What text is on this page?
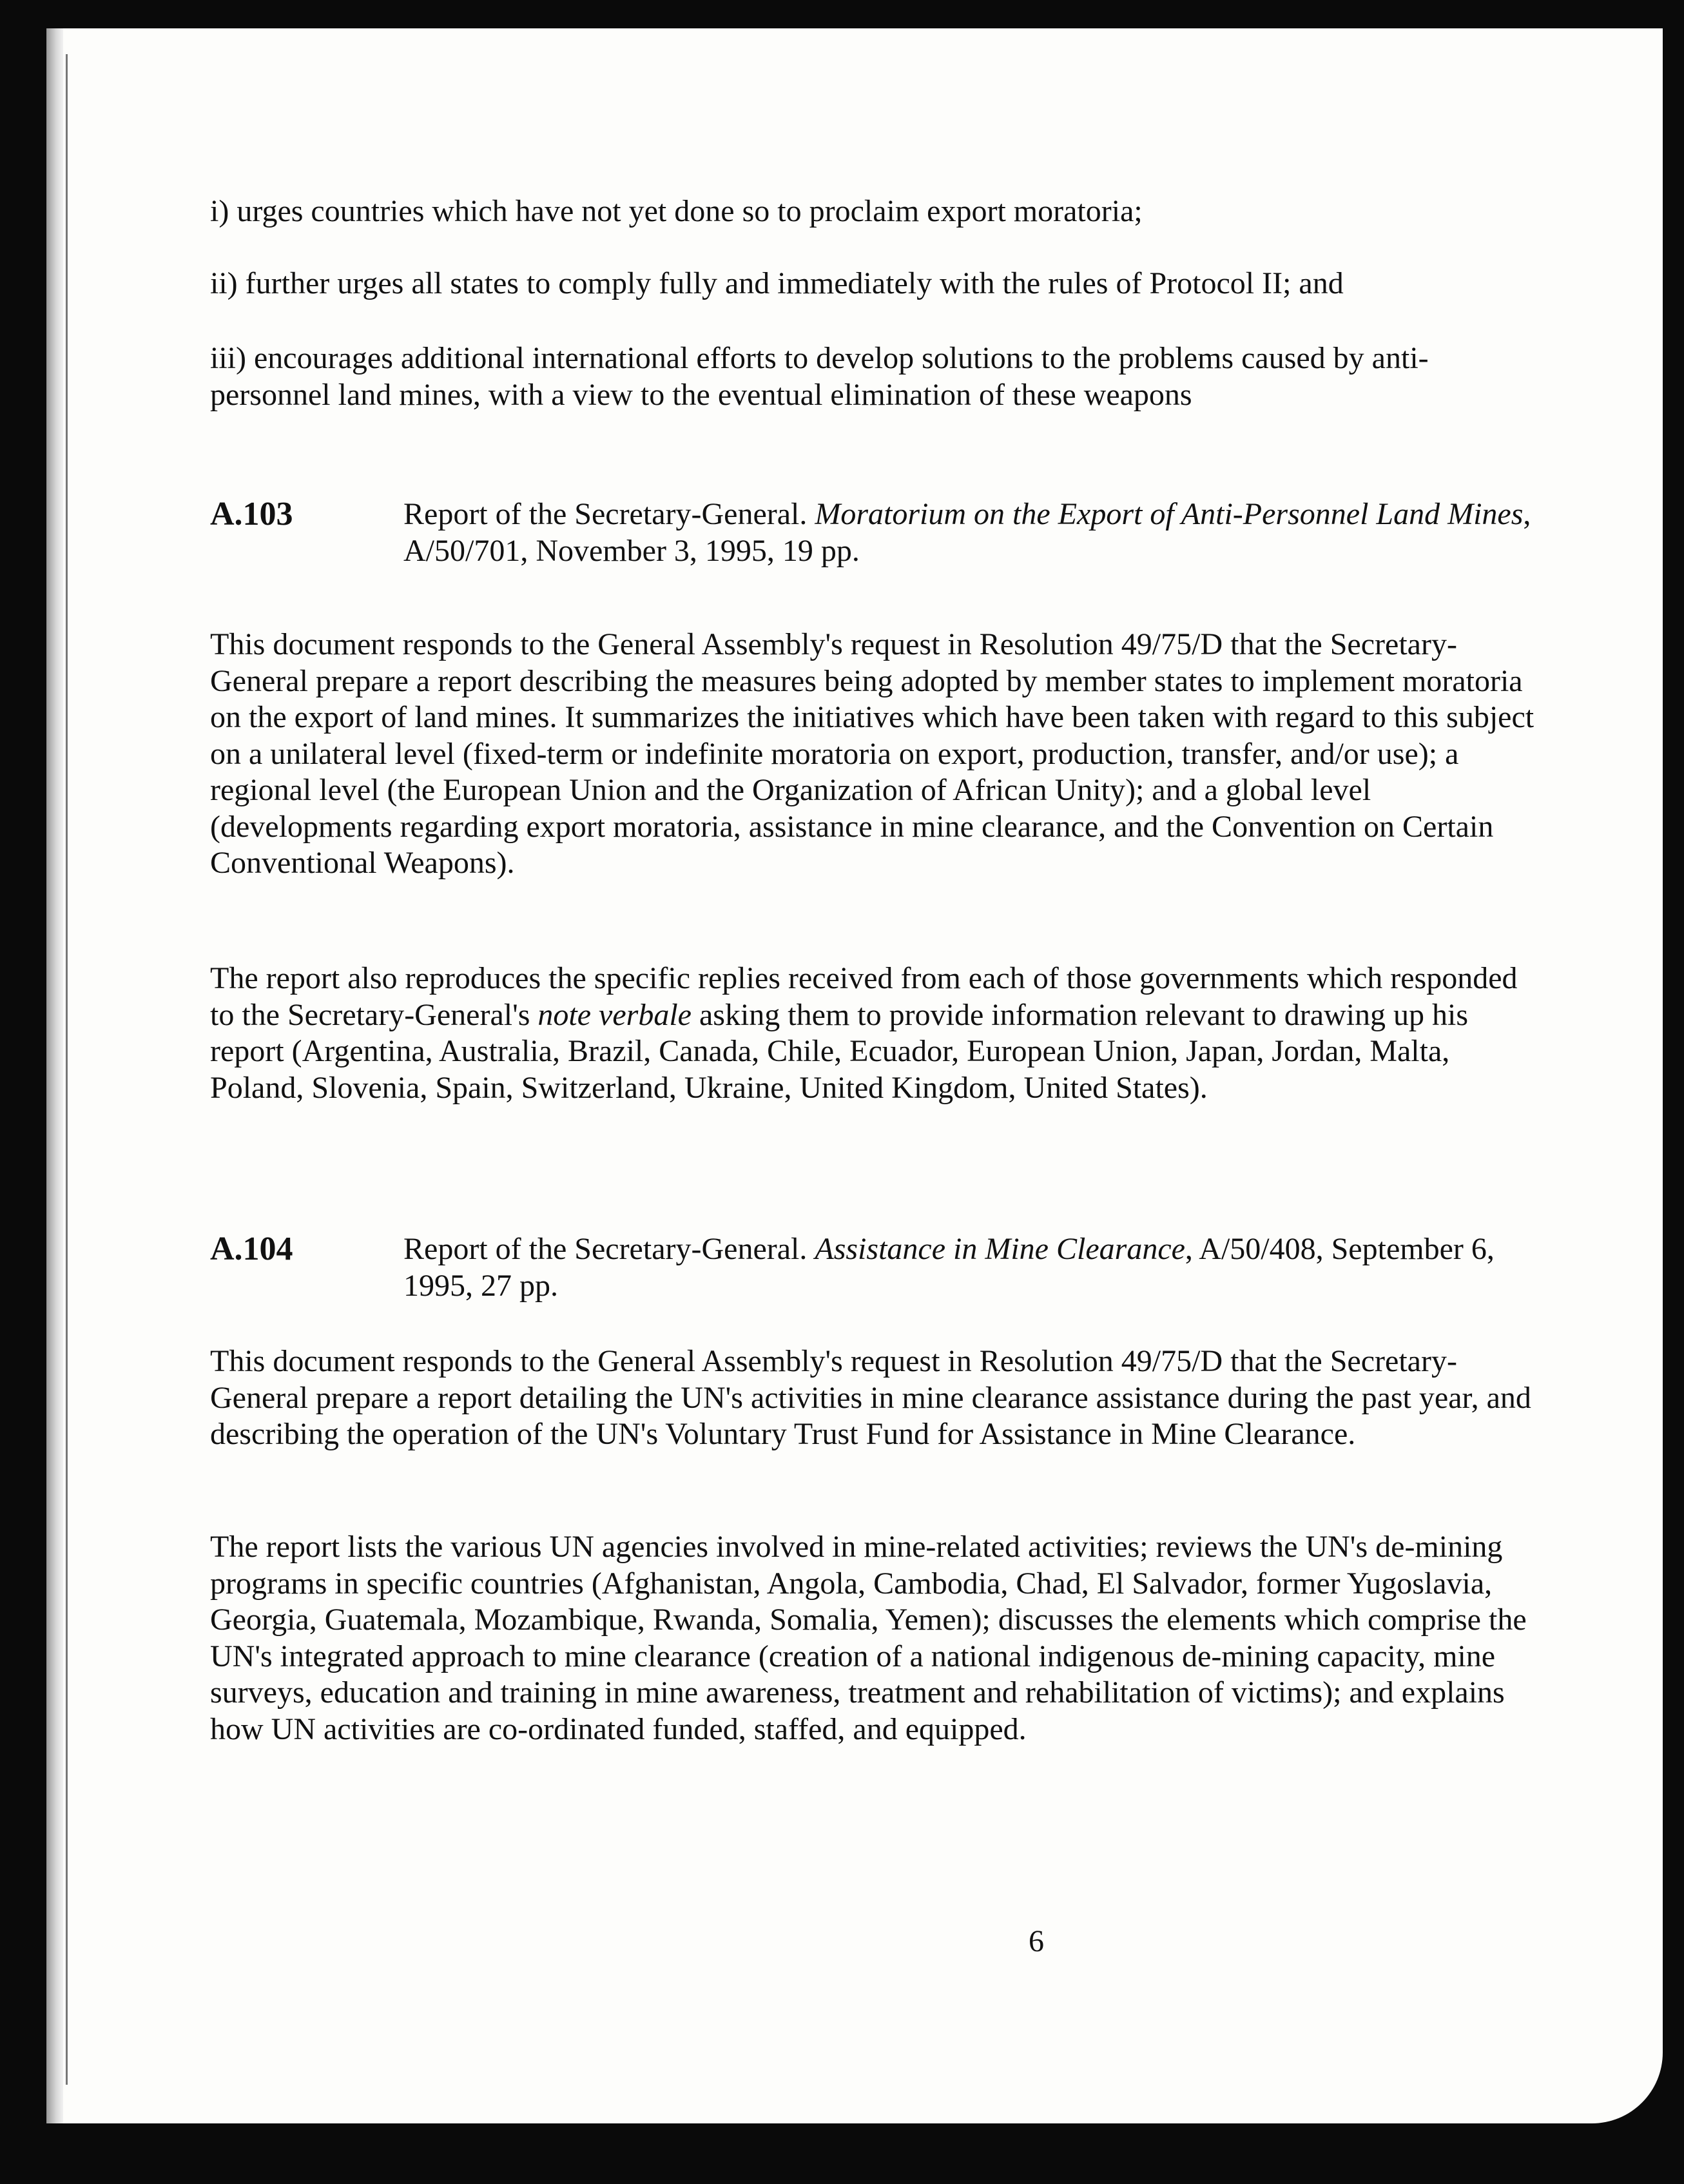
i) urges countries which have not yet done so to proclaim export moratoria;

ii) further urges all states to comply fully and immediately with the rules of Protocol II; and

iii) encourages additional international efforts to develop solutions to the problems caused by anti-personnel land mines, with a view to the eventual elimination of these weapons

A.103	Report of the Secretary-General. Moratorium on the Export of Anti-Personnel Land Mines, A/50/701, November 3, 1995, 19 pp.

This document responds to the General Assembly's request in Resolution 49/75/D that the Secretary-General prepare a report describing the measures being adopted by member states to implement moratoria on the export of land mines. It summarizes the initiatives which have been taken with regard to this subject on a unilateral level (fixed-term or indefinite moratoria on export, production, transfer, and/or use); a regional level (the European Union and the Organization of African Unity); and a global level (developments regarding export moratoria, assistance in mine clearance, and the Convention on Certain Conventional Weapons).

The report also reproduces the specific replies received from each of those governments which responded to the Secretary-General's note verbale asking them to provide information relevant to drawing up his report (Argentina, Australia, Brazil, Canada, Chile, Ecuador, European Union, Japan, Jordan, Malta, Poland, Slovenia, Spain, Switzerland, Ukraine, United Kingdom, United States).

A.104	Report of the Secretary-General. Assistance in Mine Clearance, A/50/408, September 6, 1995, 27 pp.

This document responds to the General Assembly's request in Resolution 49/75/D that the Secretary-General prepare a report detailing the UN's activities in mine clearance assistance during the past year, and describing the operation of the UN's Voluntary Trust Fund for Assistance in Mine Clearance.

The report lists the various UN agencies involved in mine-related activities; reviews the UN's de-mining programs in specific countries (Afghanistan, Angola, Cambodia, Chad, El Salvador, former Yugoslavia, Georgia, Guatemala, Mozambique, Rwanda, Somalia, Yemen); discusses the elements which comprise the UN's integrated approach to mine clearance (creation of a national indigenous de-mining capacity, mine surveys, education and training in mine awareness, treatment and rehabilitation of victims); and explains how UN activities are co-ordinated funded, staffed, and equipped.

6
